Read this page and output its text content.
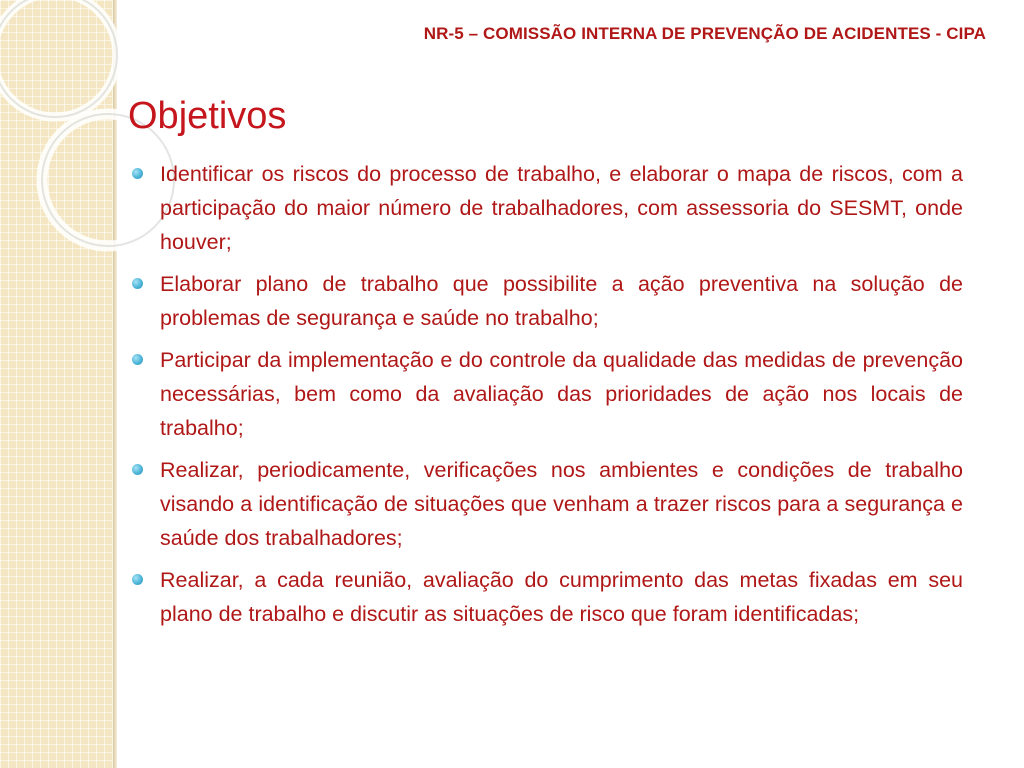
NR-5 – COMISSÃO INTERNA DE PREVENÇÃO DE ACIDENTES - CIPA
Objetivos
Identificar os riscos do processo de trabalho, e elaborar o mapa de riscos, com a participação do maior número de trabalhadores, com assessoria do SESMT, onde houver;
Elaborar plano de trabalho que possibilite a ação preventiva na solução de problemas de segurança e saúde no trabalho;
Participar da implementação e do controle da qualidade das medidas de prevenção necessárias, bem como da avaliação das prioridades de ação nos locais de trabalho;
Realizar, periodicamente, verificações nos ambientes e condições de trabalho visando a identificação de situações que venham a trazer riscos para a segurança e saúde dos trabalhadores;
Realizar, a cada reunião, avaliação do cumprimento das metas fixadas em seu plano de trabalho e discutir as situações de risco que foram identificadas;
